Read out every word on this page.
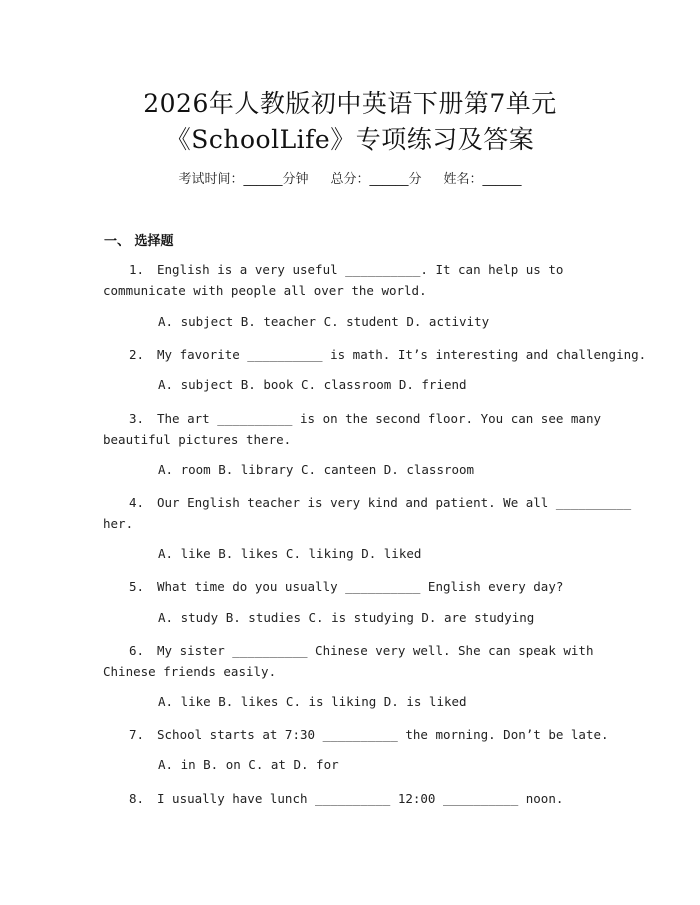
2026年人教版初中英语下册第7单元
《SchoolLife》专项练习及答案
考试时间：______分钟 总分：______分 姓名：______
一、 选择题
1. English is a very useful __________. It can help us to
communicate with people all over the world.
A. subject B. teacher C. student D. activity
2. My favorite __________ is math. It’s interesting and challenging.
A. subject B. book C. classroom D. friend
3. The art __________ is on the second floor. You can see many
beautiful pictures there.
A. room B. library C. canteen D. classroom
4. Our English teacher is very kind and patient. We all __________
her.
A. like B. likes C. liking D. liked
5. What time do you usually __________ English every day?
A. study B. studies C. is studying D. are studying
6. My sister __________ Chinese very well. She can speak with
Chinese friends easily.
A. like B. likes C. is liking D. is liked
7. School starts at 7:30 __________ the morning. Don’t be late.
A. in B. on C. at D. for
8. I usually have lunch __________ 12:00 __________ noon.
